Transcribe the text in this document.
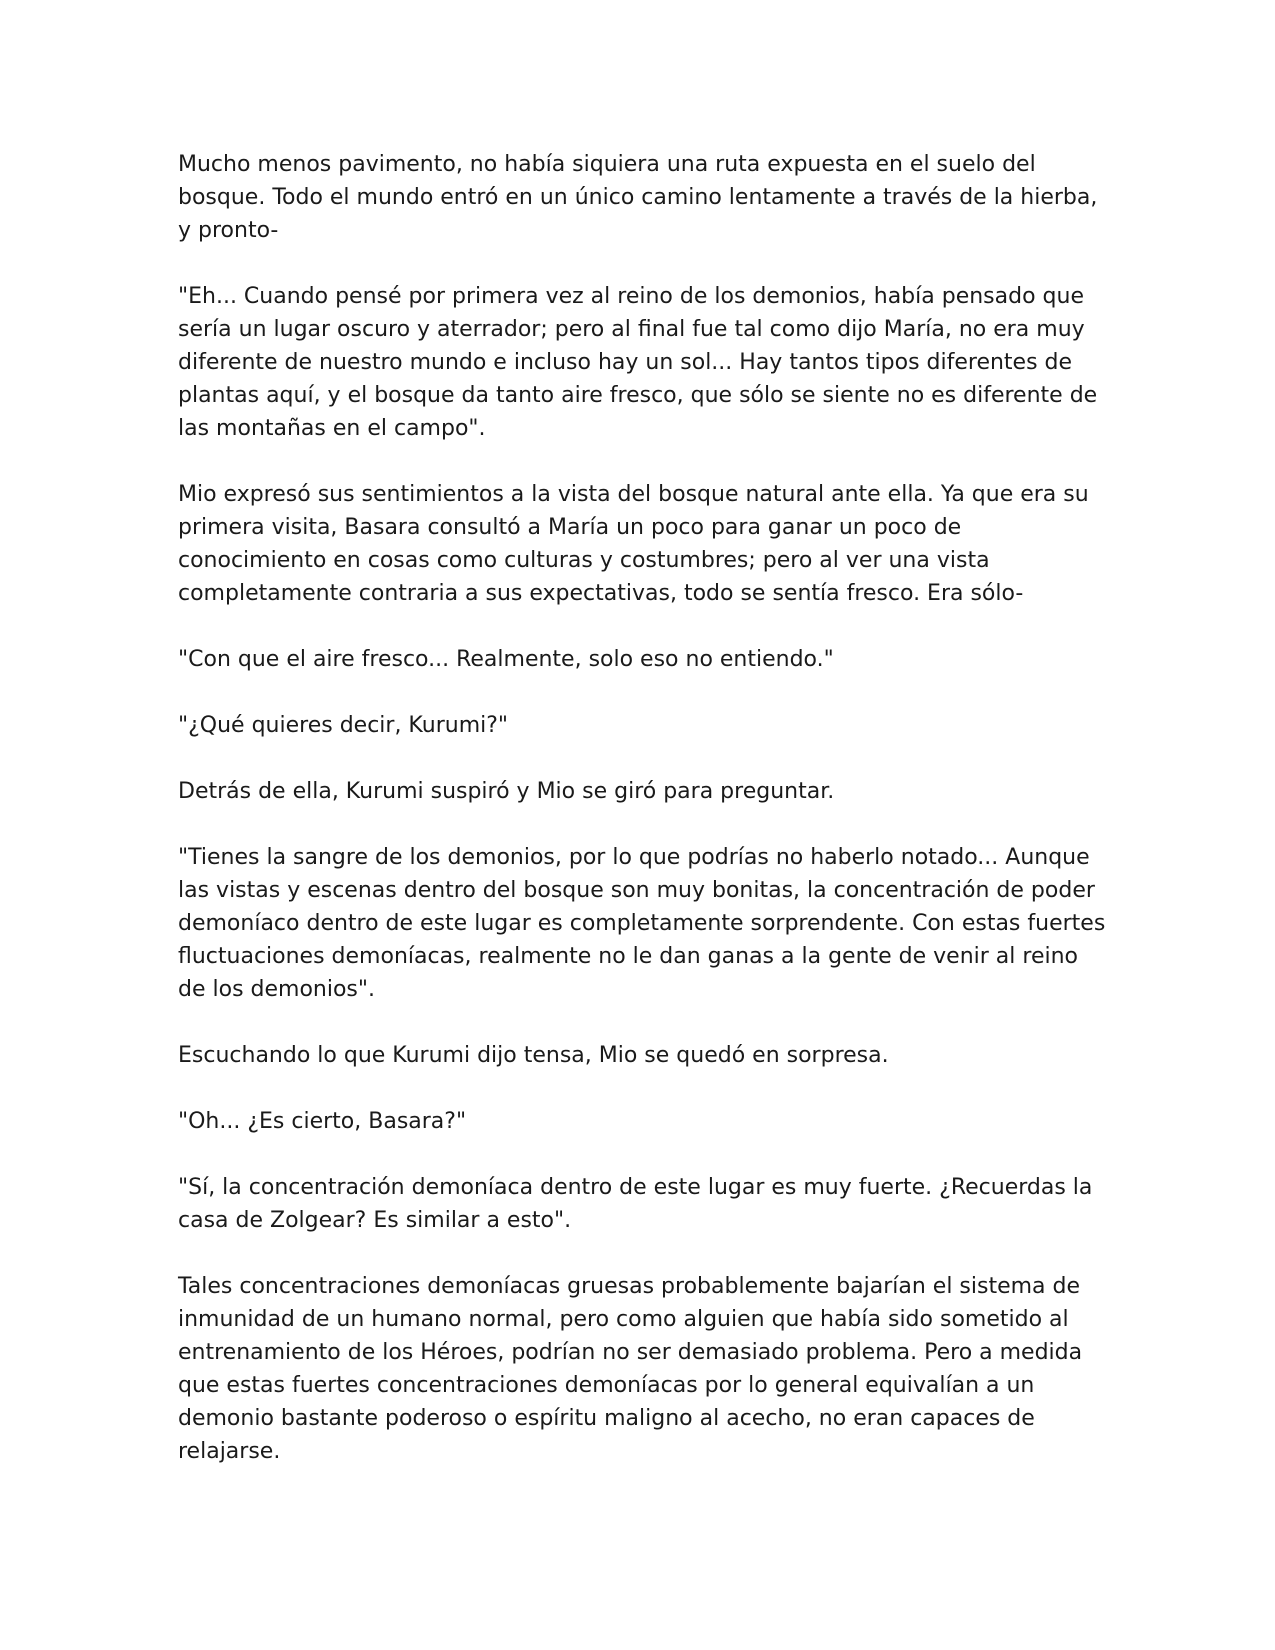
Mucho menos pavimento, no había siquiera una ruta expuesta en el suelo del bosque. Todo el mundo entró en un único camino lentamente a través de la hierba, y pronto-

"Eh... Cuando pensé por primera vez al reino de los demonios, había pensado que sería un lugar oscuro y aterrador; pero al final fue tal como dijo María, no era muy diferente de nuestro mundo e incluso hay un sol... Hay tantos tipos diferentes de plantas aquí, y el bosque da tanto aire fresco, que sólo se siente no es diferente de las montañas en el campo".

Mio expresó sus sentimientos a la vista del bosque natural ante ella. Ya que era su primera visita, Basara consultó a María un poco para ganar un poco de conocimiento en cosas como culturas y costumbres; pero al ver una vista completamente contraria a sus expectativas, todo se sentía fresco. Era sólo-

"Con que el aire fresco... Realmente, solo eso no entiendo."

"¿Qué quieres decir, Kurumi?"

Detrás de ella, Kurumi suspiró y Mio se giró para preguntar.

"Tienes la sangre de los demonios, por lo que podrías no haberlo notado... Aunque las vistas y escenas dentro del bosque son muy bonitas, la concentración de poder demoníaco dentro de este lugar es completamente sorprendente. Con estas fuertes fluctuaciones demoníacas, realmente no le dan ganas a la gente de venir al reino de los demonios".

Escuchando lo que Kurumi dijo tensa, Mio se quedó en sorpresa.

"Oh... ¿Es cierto, Basara?"

"Sí, la concentración demoníaca dentro de este lugar es muy fuerte. ¿Recuerdas la casa de Zolgear? Es similar a esto".

Tales concentraciones demoníacas gruesas probablemente bajarían el sistema de inmunidad de un humano normal, pero como alguien que había sido sometido al entrenamiento de los Héroes, podrían no ser demasiado problema. Pero a medida que estas fuertes concentraciones demoníacas por lo general equivalían a un demonio bastante poderoso o espíritu maligno al acecho, no eran capaces de relajarse.
